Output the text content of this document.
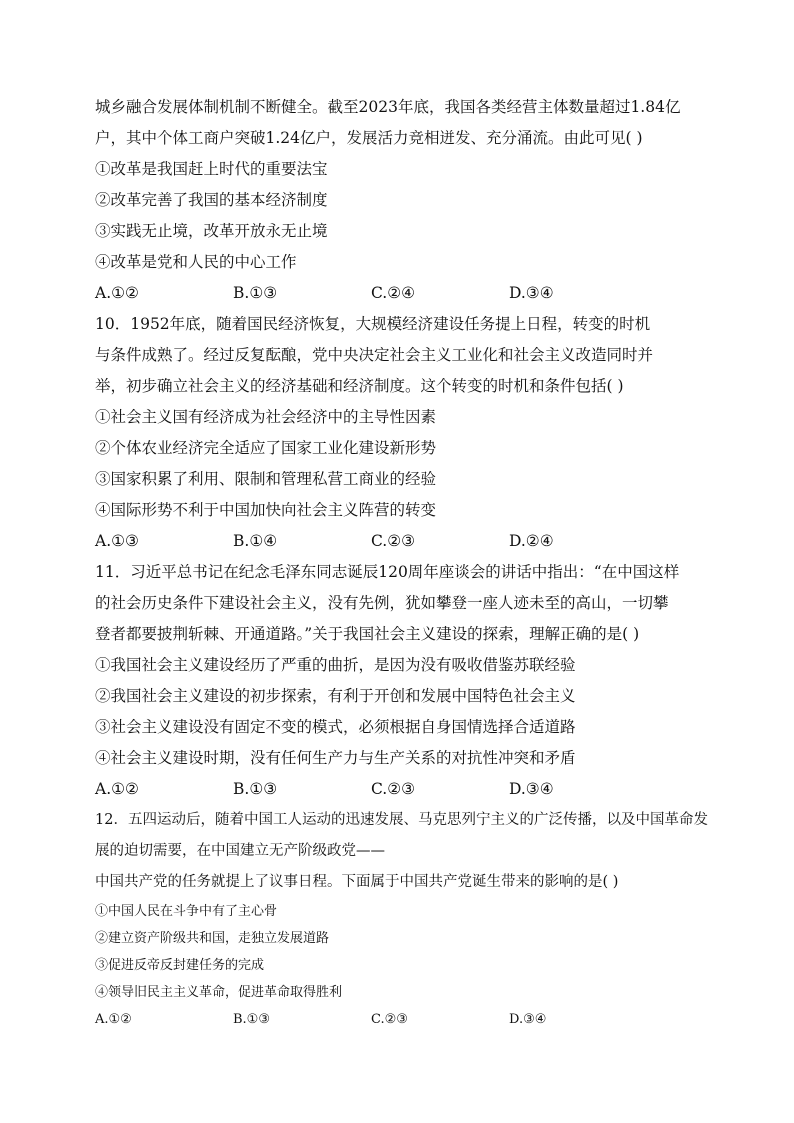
城乡融合发展体制机制不断健全。截至2023年底，我国各类经营主体数量超过1.84亿
户，其中个体工商户突破1.24亿户，发展活力竞相迸发、充分涌流。由此可见( )
①改革是我国赶上时代的重要法宝
②改革完善了我国的基本经济制度
③实践无止境，改革开放永无止境
④改革是党和人民的中心工作
A.①②	B.①③	C.②④	D.③④
10．1952年底，随着国民经济恢复，大规模经济建设任务提上日程，转变的时机
与条件成熟了。经过反复酝酿，党中央决定社会主义工业化和社会主义改造同时并
举，初步确立社会主义的经济基础和经济制度。这个转变的时机和条件包括( )
①社会主义国有经济成为社会经济中的主导性因素
②个体农业经济完全适应了国家工业化建设新形势
③国家积累了利用、限制和管理私营工商业的经验
④国际形势不利于中国加快向社会主义阵营的转变
A.①③	B.①④	C.②③	D.②④
11．习近平总书记在纪念毛泽东同志诞辰120周年座谈会的讲话中指出：“在中国这样
的社会历史条件下建设社会主义，没有先例，犹如攀登一座人迹未至的高山，一切攀
登者都要披荆斩棘、开通道路。”关于我国社会主义建设的探索，理解正确的是( )
①我国社会主义建设经历了严重的曲折，是因为没有吸收借鉴苏联经验
②我国社会主义建设的初步探索，有利于开创和发展中国特色社会主义
③社会主义建设没有固定不变的模式，必须根据自身国情选择合适道路
④社会主义建设时期，没有任何生产力与生产关系的对抗性冲突和矛盾
A.①②	B.①③	C.②③	D.③④
12．五四运动后，随着中国工人运动的迅速发展、马克思列宁主义的广泛传播，以及中国革命发
展的迫切需要，在中国建立无产阶级政党——
中国共产党的任务就提上了议事日程。下面属于中国共产党诞生带来的影响的是( )
①中国人民在斗争中有了主心骨
②建立资产阶级共和国，走独立发展道路
③促进反帝反封建任务的完成
④领导旧民主主义革命，促进革命取得胜利
A.①②	B.①③	C.②③	D.③④
